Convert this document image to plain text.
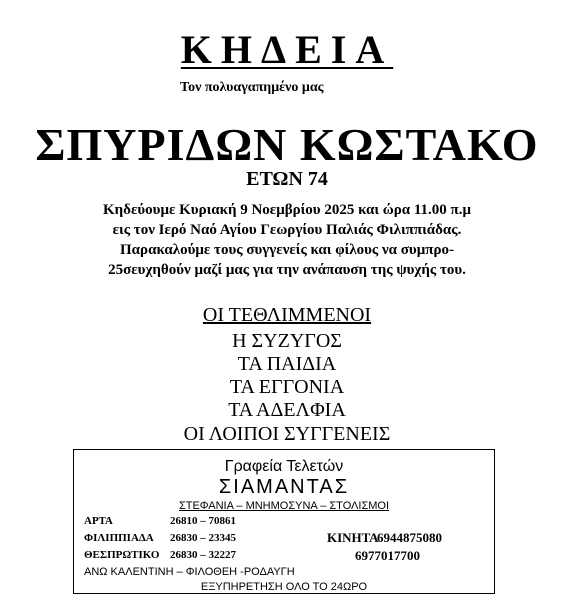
ΚΗΔΕΙΑ
Τον πολυαγαπημένο μας
ΣΠΥΡΙΔΩΝ ΚΩΣΤΑΚΟ
ΕΤΩΝ 74
Κηδεύουμε Κυριακή 9 Νοεμβρίου 2025 και ώρα 11.00 π.μ
εις τον Ιερό Ναό Αγίου Γεωργίου Παλιάς Φιλιππιάδας.
Παρακαλούμε τους συγγενείς και φίλους να συμπρο-
25σευχηθούν μαζί μας για την ανάπαυση της ψυχής του.
ΟΙ ΤΕΘΛΙΜΜΕΝΟΙ
Η ΣΥΖΥΓΟΣ
ΤΑ ΠΑΙΔΙΑ
ΤΑ ΕΓΓΟΝΙΑ
ΤΑ ΑΔΕΛΦΙΑ
ΟΙ ΛΟΙΠΟΙ ΣΥΓΓΕΝΕΙΣ
Γραφεία Τελετών
ΣΙΑΜΑΝΤΑΣ
ΣΤΕΦΑΝΙΑ – ΜΝΗΜΟΣΥΝΑ – ΣΤΟΛΙΣΜΟΙ
ΑΡΤΑ	26810 – 70861
ΦΙΛΙΠΠΙΑΔΑ 26830 – 23345
ΘΕΣΠΡΩΤΙΚΟ 26830 – 32227
ΚΙΝΗΤΑ
6944875080
6977017700
ΑΝΩ ΚΑΛΕΝΤΙΝΗ – ΦΙΛΟΘΕΗ -ΡΟΔΑΥΓΗ
ΕΞΥΠΗΡΕΤΗΣΗ ΟΛΟ ΤΟ 24ΩΡΟ
